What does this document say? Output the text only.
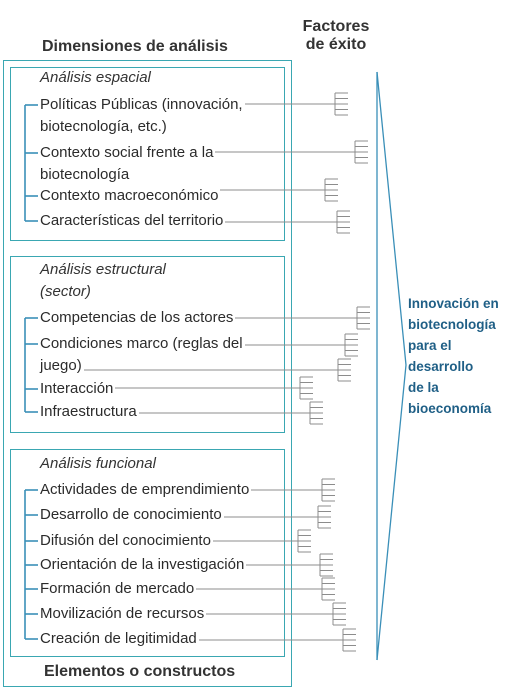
Dimensiones de análisis
Factores
de éxito
Análisis espacial
Políticas Públicas (innovación,
biotecnología, etc.)
Contexto social frente a la
biotecnología
Contexto macroeconómico
Características del territorio
Análisis estructural
(sector)
Competencias de los actores
Condiciones marco (reglas del
juego)
Interacción
Infraestructura
Análisis funcional
Actividades de emprendimiento
Desarrollo de conocimiento
Difusión del conocimiento
Orientación de la investigación
Formación de mercado
Movilización de recursos
Creación de legitimidad
Innovación en
biotecnología
para el
desarrollo
de la
bioeconomía
Elementos o constructos
